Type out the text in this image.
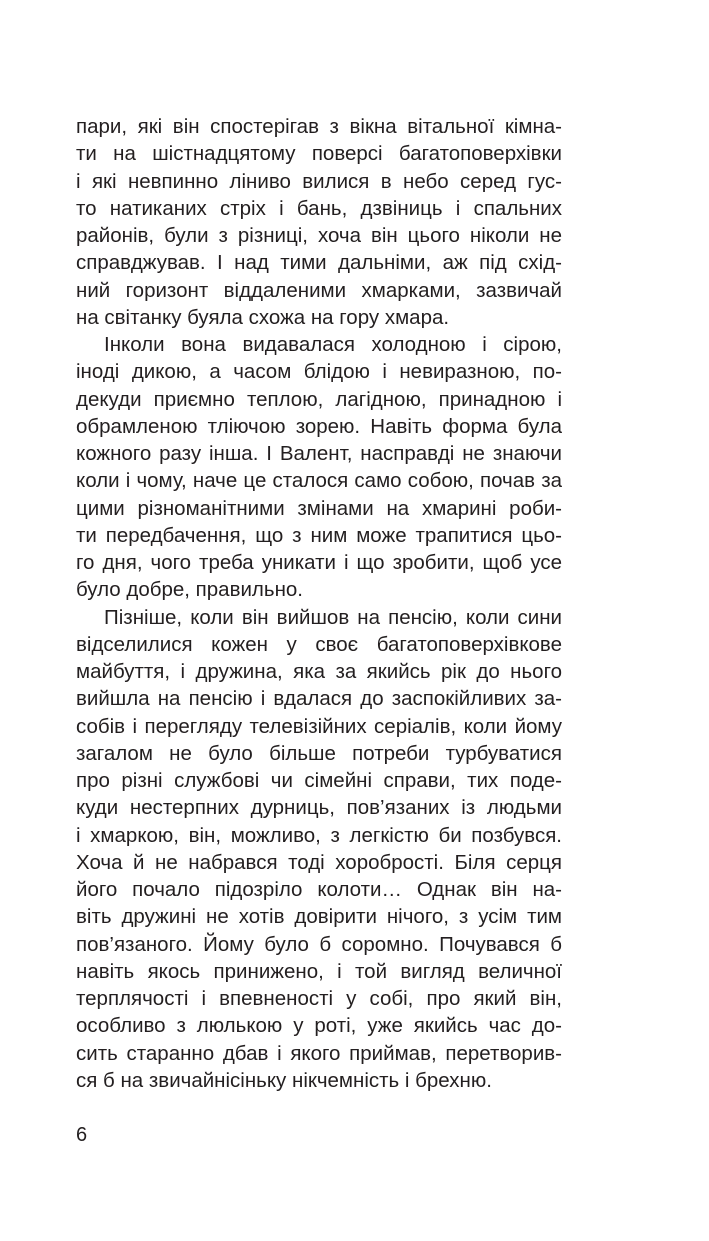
пари, які він спостерігав з вікна вітальної кімна-
ти на шістнадцятому поверсі багатоповерхівки
і які невпинно ліниво вилися в небо серед гус-
то натиканих стріх і бань, дзвіниць і спальних
районів, були з різниці, хоча він цього ніколи не
справджував. І над тими дальніми, аж під схід-
ний горизонт віддаленими хмарками, зазвичай
на світанку буяла схожа на гору хмара.
Інколи вона видавалася холодною і сірою,
іноді дикою, а часом блідою і невиразною, по-
декуди приємно теплою, лагідною, принадною і
обрамленою тліючою зорею. Навіть форма була
кожного разу інша. І Валент, насправді не знаючи
коли і чому, наче це сталося само собою, почав за
цими різноманітними змінами на хмарині роби-
ти передбачення, що з ним може трапитися цьо-
го дня, чого треба уникати і що зробити, щоб усе
було добре, правильно.
Пізніше, коли він вийшов на пенсію, коли сини
відселилися кожен у своє багатоповерхівкове
майбуття, і дружина, яка за якийсь рік до нього
вийшла на пенсію і вдалася до заспокійливих за-
собів і перегляду телевізійних серіалів, коли йому
загалом не було більше потреби турбуватися
про різні службові чи сімейні справи, тих поде-
куди нестерпних дурниць, пов’язаних із людьми
і хмаркою, він, можливо, з легкістю би позбувся.
Хоча й не набрався тоді хоробрості. Біля серця
його почало підозріло колоти… Однак він на-
віть дружині не хотів довірити нічого, з усім тим
пов’язаного. Йому було б соромно. Почувався б
навіть якось принижено, і той вигляд величної
терплячості і впевненості у собі, про який він,
особливо з люлькою у роті, уже якийсь час до-
сить старанно дбав і якого приймав, перетворив-
ся б на звичайнісіньку нікчемність і брехню.
6
